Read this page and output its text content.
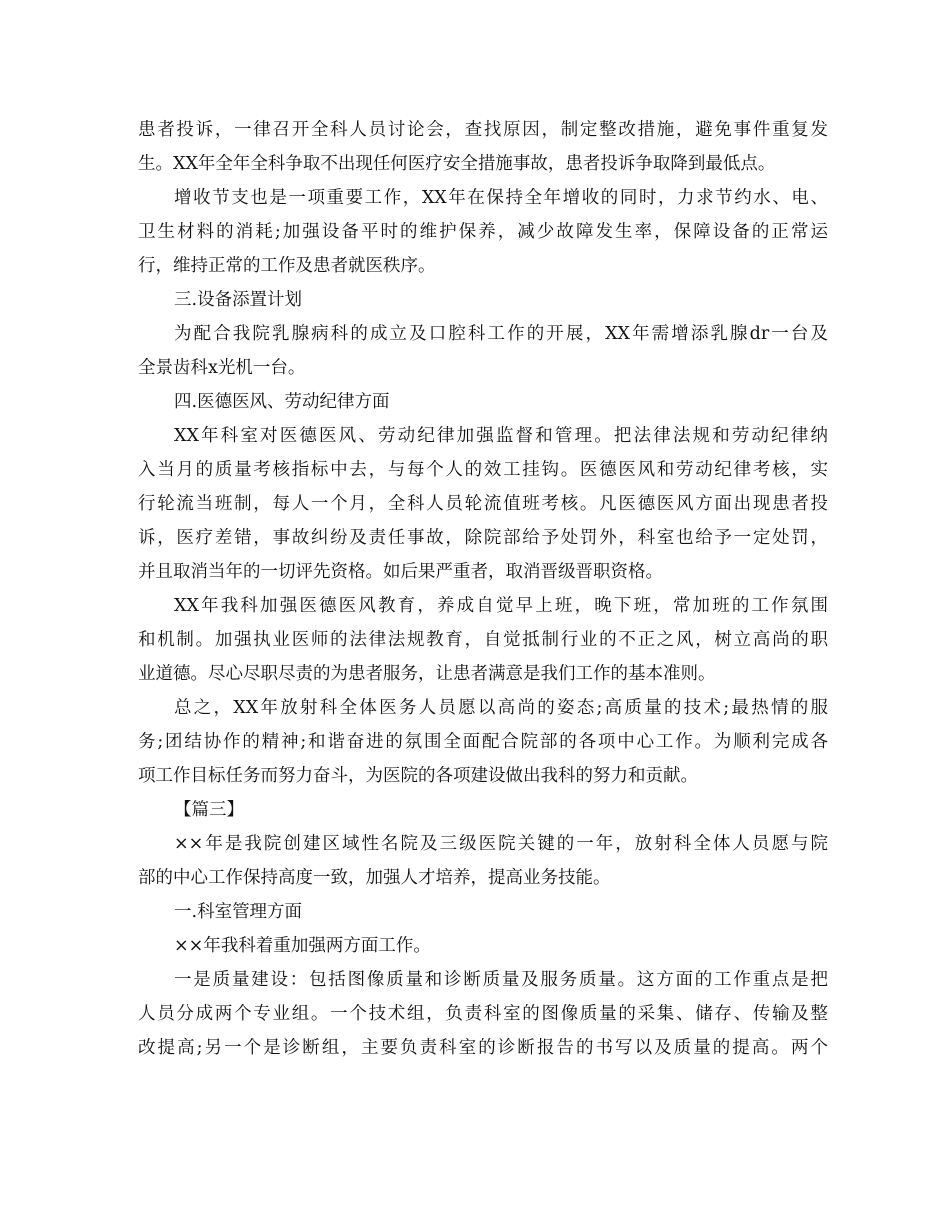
患者投诉，一律召开全科人员讨论会，查找原因，制定整改措施，避免事件重复发
生。XX年全年全科争取不出现任何医疗安全措施事故，患者投诉争取降到最低点。
增收节支也是一项重要工作，XX年在保持全年增收的同时，力求节约水、电、
卫生材料的消耗;加强设备平时的维护保养，减少故障发生率，保障设备的正常运
行，维持正常的工作及患者就医秩序。
三.设备添置计划
为配合我院乳腺病科的成立及口腔科工作的开展，XX年需增添乳腺dr一台及
全景齿科x光机一台。
四.医德医风、劳动纪律方面
XX年科室对医德医风、劳动纪律加强监督和管理。把法律法规和劳动纪律纳
入当月的质量考核指标中去，与每个人的效工挂钩。医德医风和劳动纪律考核，实
行轮流当班制，每人一个月，全科人员轮流值班考核。凡医德医风方面出现患者投
诉，医疗差错，事故纠纷及责任事故，除院部给予处罚外，科室也给予一定处罚，
并且取消当年的一切评先资格。如后果严重者，取消晋级晋职资格。
XX年我科加强医德医风教育，养成自觉早上班，晚下班，常加班的工作氛围
和机制。加强执业医师的法律法规教育，自觉抵制行业的不正之风，树立高尚的职
业道德。尽心尽职尽责的为患者服务，让患者满意是我们工作的基本准则。
总之，XX年放射科全体医务人员愿以高尚的姿态;高质量的技术;最热情的服
务;团结协作的精神;和谐奋进的氛围全面配合院部的各项中心工作。为顺利完成各
项工作目标任务而努力奋斗，为医院的各项建设做出我科的努力和贡献。
【篇三】
××年是我院创建区域性名院及三级医院关键的一年，放射科全体人员愿与院
部的中心工作保持高度一致，加强人才培养，提高业务技能。
一.科室管理方面
××年我科着重加强两方面工作。
一是质量建设：包括图像质量和诊断质量及服务质量。这方面的工作重点是把
人员分成两个专业组。一个技术组，负责科室的图像质量的采集、储存、传输及整
改提高;另一个是诊断组，主要负责科室的诊断报告的书写以及质量的提高。两个
